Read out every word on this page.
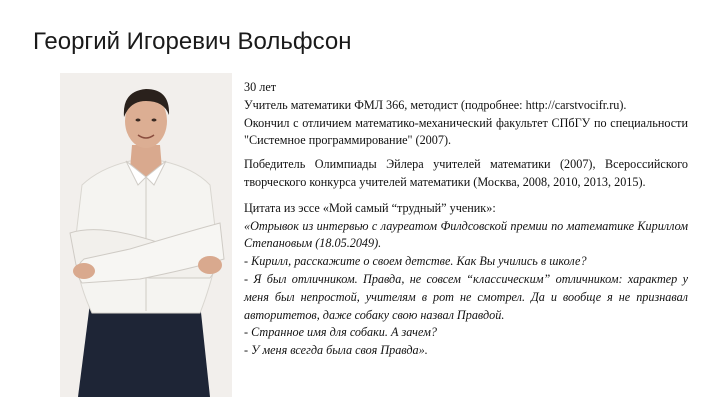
Георгий Игоревич Вольфсон

30 лет

Учитель математики ФМЛ 366, методист (подробнее: http://carstvocifr.ru).

Окончил с отличием математико-механический факультет СПбГУ по специальности "Системное программирование" (2007).

Победитель Олимпиады Эйлера учителей математики (2007), Всероссийского творческого конкурса учителей математики (Москва, 2008, 2010, 2013, 2015).

Цитата из эссе «Мой самый “трудный” ученик»:

«Отрывок из интервью с лауреатом Филдсовской премии по математике Кириллом Степановым (18.05.2049).

- Кирилл, расскажите о своем детстве. Как Вы учились в школе?

- Я был отличником. Правда, не совсем “классическим” отличником: характер у меня был непростой, учителям в рот не смотрел. Да и вообще я не признавал авторитетов, даже собаку свою назвал Правдой.

- Странное имя для собаки. А зачем?

- У меня всегда была своя Правда».
